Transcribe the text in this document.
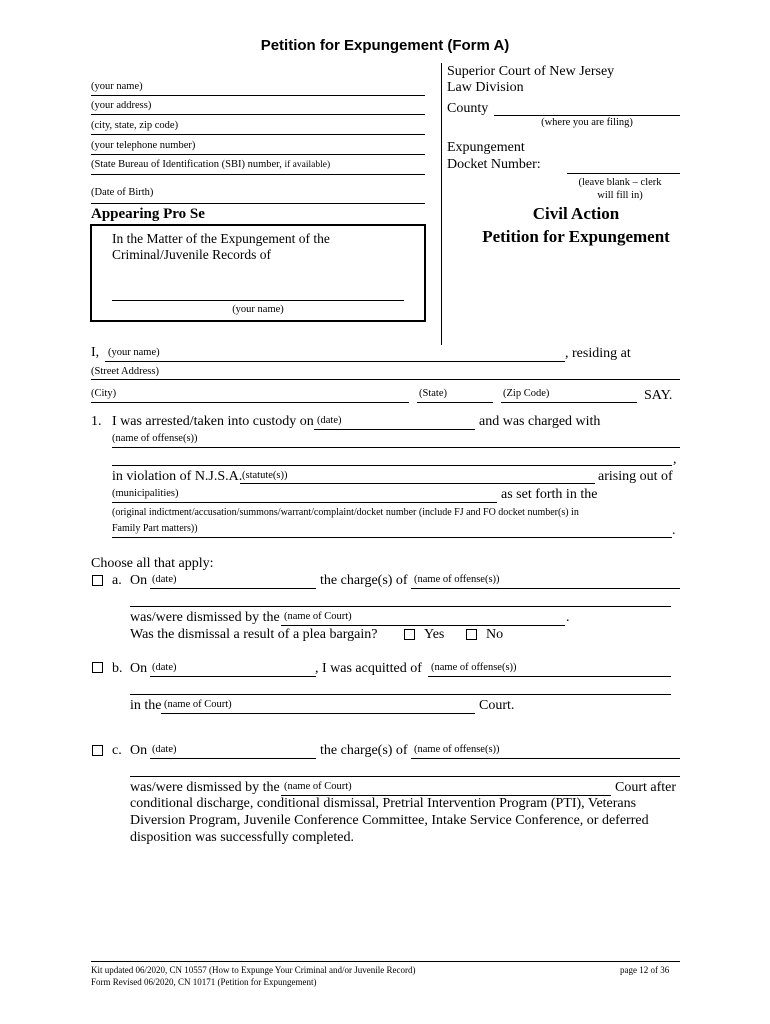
Petition for Expungement (Form A)
(your name)
(your address)
(city, state, zip code)
(your telephone number)
(State Bureau of Identification (SBI) number, if available)
(Date of Birth)
Appearing Pro Se
In the Matter of the Expungement of the
Criminal/Juvenile Records of
(your name)
Superior Court of New Jersey
Law Division
County
(where you are filing)
Expungement
Docket Number:
(leave blank – clerk
will fill in)
Civil Action
Petition for Expungement
I, (your name)	, residing at
(Street Address)
(City)	(State)	(Zip Code)	SAY.
1. I was arrested/taken into custody on (date)	and was charged with
(name of offense(s))
,
in violation of N.J.S.A. (statute(s))	arising out of
(municipalities)	as set forth in the
(original indictment/accusation/summons/warrant/complaint/docket number (include FJ and FO docket number(s) in
Family Part matters))	.
Choose all that apply:
a. On (date)	the charge(s) of (name of offense(s))
was/were dismissed by the (name of Court)	.
Was the dismissal a result of a plea bargain?	Yes	No
b. On (date)	, I was acquitted of (name of offense(s))
in the (name of Court)	Court.
c. On (date)	the charge(s) of (name of offense(s))
was/were dismissed by the (name of Court)	Court after
conditional discharge, conditional dismissal, Pretrial Intervention Program (PTI), Veterans
Diversion Program, Juvenile Conference Committee, Intake Service Conference, or deferred
disposition was successfully completed.
Kit updated 06/2020, CN 10557 (How to Expunge Your Criminal and/or Juvenile Record)
Form Revised 06/2020, CN 10171 (Petition for Expungement)
page 12 of 36
